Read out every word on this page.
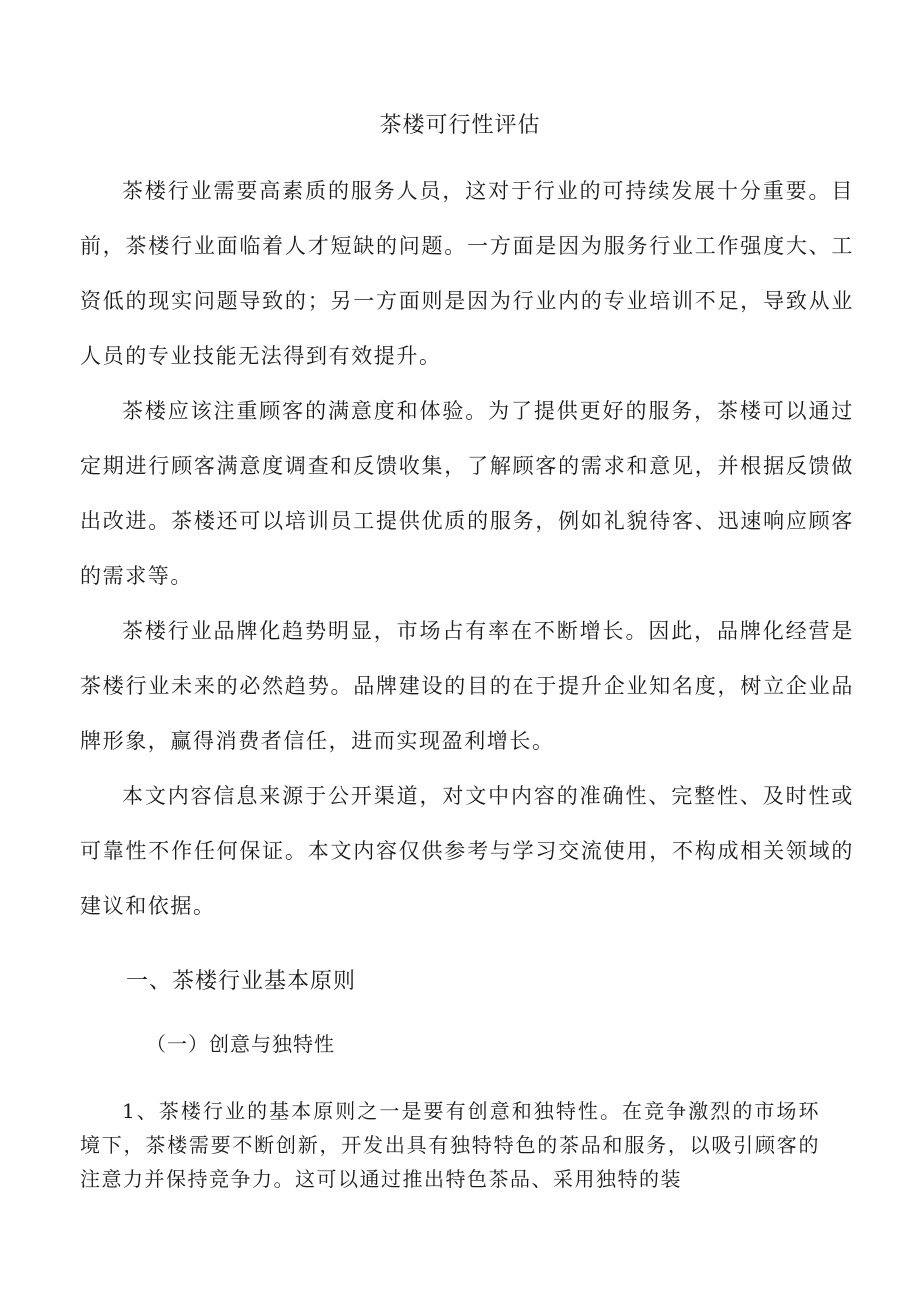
茶楼可行性评估

茶楼行业需要高素质的服务人员，这对于行业的可持续发展十分重要。目前，茶楼行业面临着人才短缺的问题。一方面是因为服务行业工作强度大、工资低的现实问题导致的；另一方面则是因为行业内的专业培训不足，导致从业人员的专业技能无法得到有效提升。

茶楼应该注重顾客的满意度和体验。为了提供更好的服务，茶楼可以通过定期进行顾客满意度调查和反馈收集，了解顾客的需求和意见，并根据反馈做出改进。茶楼还可以培训员工提供优质的服务，例如礼貌待客、迅速响应顾客的需求等。

茶楼行业品牌化趋势明显，市场占有率在不断增长。因此，品牌化经营是茶楼行业未来的必然趋势。品牌建设的目的在于提升企业知名度，树立企业品牌形象，赢得消费者信任，进而实现盈利增长。

本文内容信息来源于公开渠道，对文中内容的准确性、完整性、及时性或可靠性不作任何保证。本文内容仅供参考与学习交流使用，不构成相关领域的建议和依据。

一、茶楼行业基本原则
（一）创意与独特性

1、茶楼行业的基本原则之一是要有创意和独特性。在竞争激烈的市场环境下，茶楼需要不断创新，开发出具有独特特色的茶品和服务，以吸引顾客的注意力并保持竞争力。这可以通过推出特色茶品、采用独特的装
